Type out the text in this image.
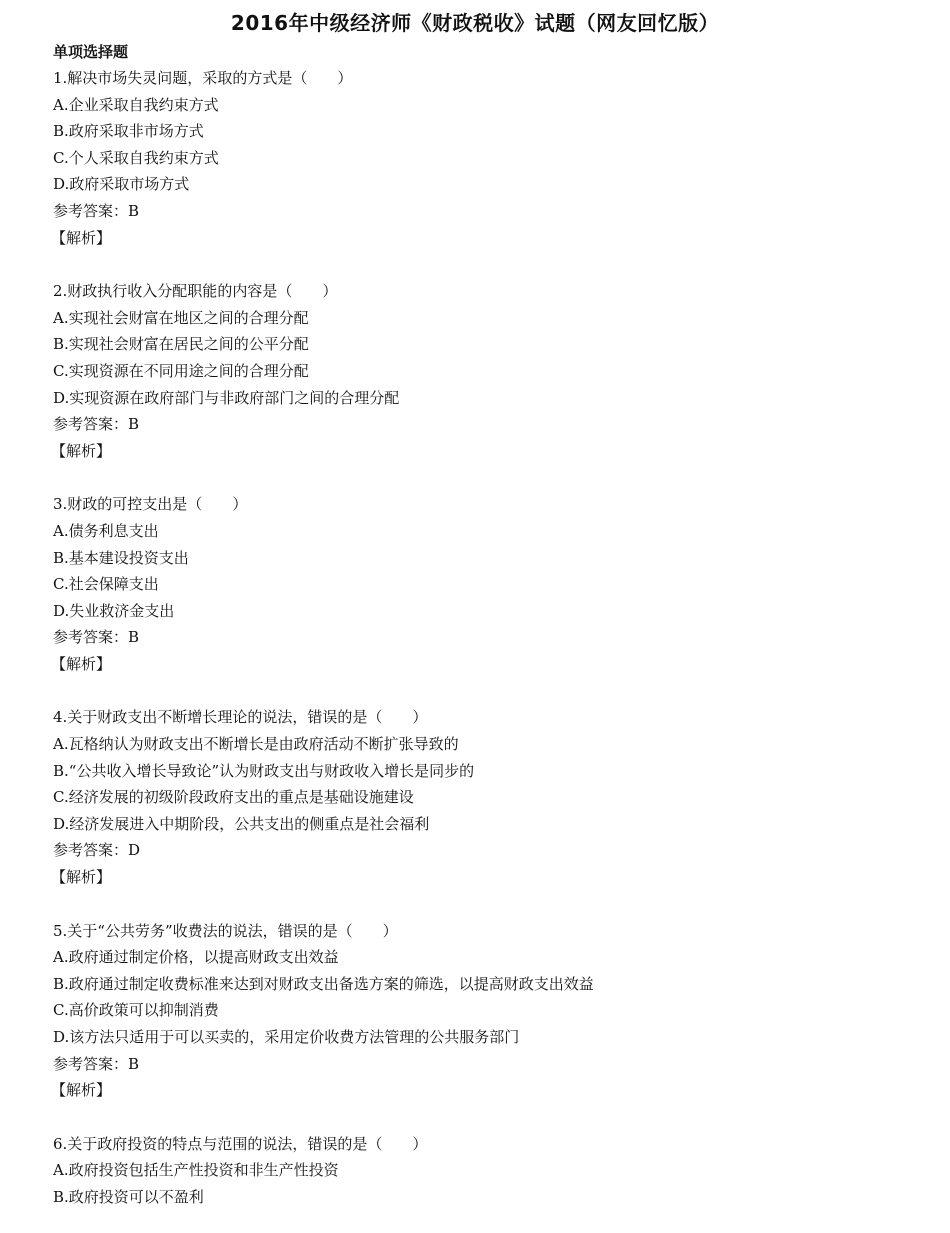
2016年中级经济师《财政税收》试题（网友回忆版）
单项选择题
1.解决市场失灵问题，采取的方式是（　　）
A.企业采取自我约束方式
B.政府采取非市场方式
C.个人采取自我约束方式
D.政府采取市场方式
参考答案：B
【解析】
2.财政执行收入分配职能的内容是（　　）
A.实现社会财富在地区之间的合理分配
B.实现社会财富在居民之间的公平分配
C.实现资源在不同用途之间的合理分配
D.实现资源在政府部门与非政府部门之间的合理分配
参考答案：B
【解析】
3.财政的可控支出是（　　）
A.债务利息支出
B.基本建设投资支出
C.社会保障支出
D.失业救济金支出
参考答案：B
【解析】
4.关于财政支出不断增长理论的说法，错误的是（　　）
A.瓦格纳认为财政支出不断增长是由政府活动不断扩张导致的
B.“公共收入增长导致论”认为财政支出与财政收入增长是同步的
C.经济发展的初级阶段政府支出的重点是基础设施建设
D.经济发展进入中期阶段，公共支出的侧重点是社会福利
参考答案：D
【解析】
5.关于“公共劳务”收费法的说法，错误的是（　　）
A.政府通过制定价格，以提高财政支出效益
B.政府通过制定收费标准来达到对财政支出备选方案的筛选，以提高财政支出效益
C.高价政策可以抑制消费
D.该方法只适用于可以买卖的，采用定价收费方法管理的公共服务部门
参考答案：B
【解析】
6.关于政府投资的特点与范围的说法，错误的是（　　）
A.政府投资包括生产性投资和非生产性投资
B.政府投资可以不盈利
